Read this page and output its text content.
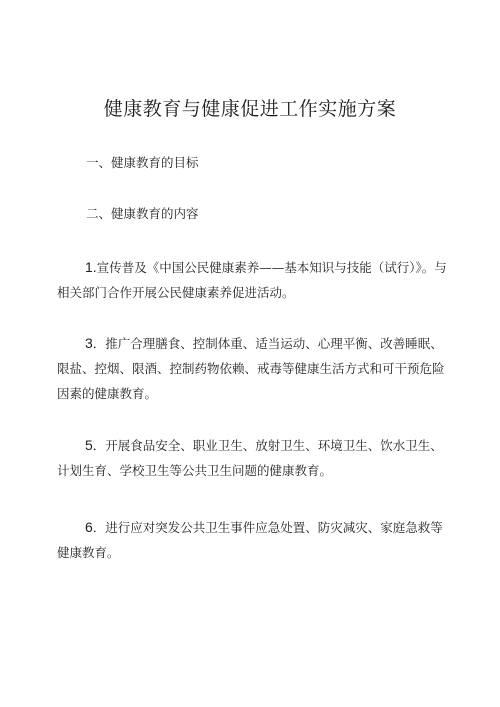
健康教育与健康促进工作实施方案
一、健康教育的目标
二、健康教育的内容
1.宣传普及《中国公民健康素养——基本知识与技能（试行）》。与相关部门合作开展公民健康素养促进活动。
3．推广合理膳食、控制体重、适当运动、心理平衡、改善睡眠、限盐、控烟、限酒、控制药物依赖、戒毒等健康生活方式和可干预危险因素的健康教育。
5．开展食品安全、职业卫生、放射卫生、环境卫生、饮水卫生、计划生育、学校卫生等公共卫生问题的健康教育。
6．进行应对突发公共卫生事件应急处置、防灾减灾、家庭急救等健康教育。
